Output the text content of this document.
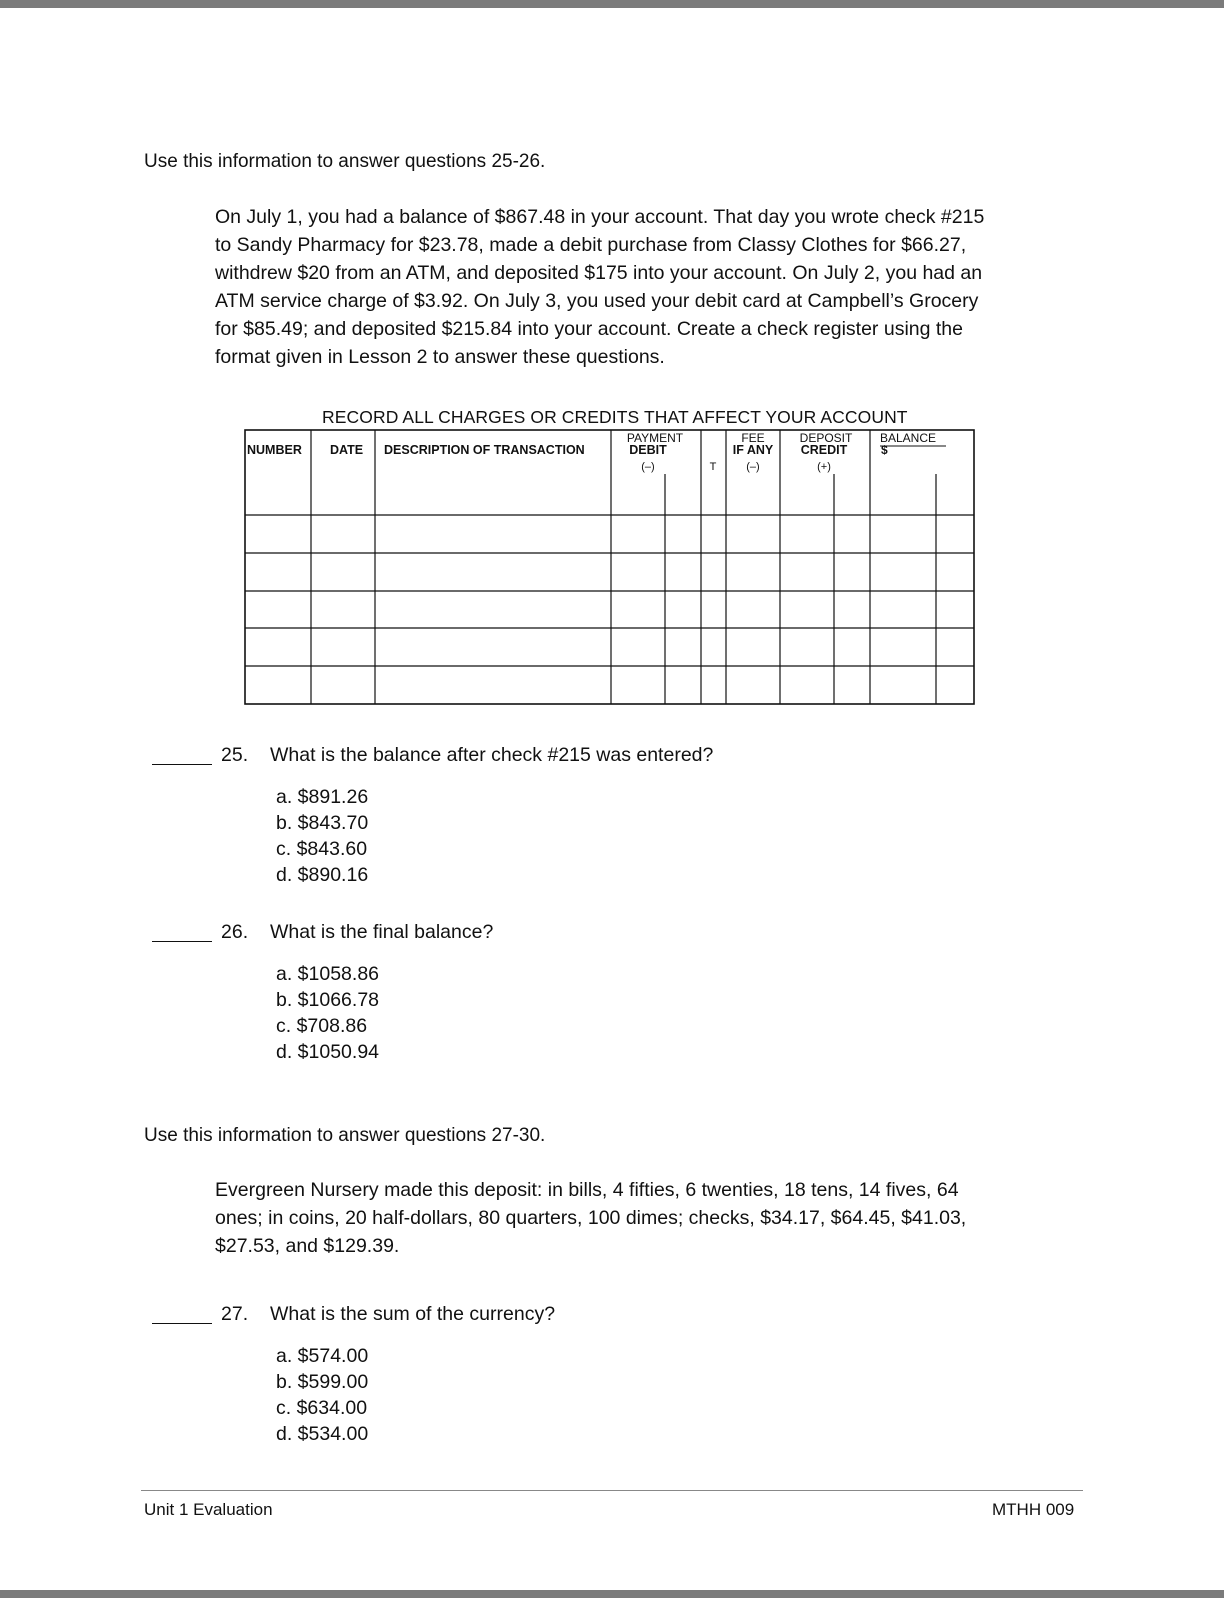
Use this information to answer questions 25-26.
On July 1, you had a balance of $867.48 in your account. That day you wrote check #215
to Sandy Pharmacy for $23.78, made a debit purchase from Classy Clothes for $66.27,
withdrew $20 from an ATM, and deposited $175 into your account. On July 2, you had an
ATM service charge of $3.92. On July 3, you used your debit card at Campbell’s Grocery
for $85.49; and deposited $215.84 into your account. Create a check register using the
format given in Lesson 2 to answer these questions.
RECORD ALL CHARGES OR CREDITS THAT AFFECT YOUR ACCOUNT
NUMBER DATE DESCRIPTION OF TRANSACTION
PAYMENT
DEBIT
(–)	T
FEE
IF ANY
(–)
DEPOSIT
CREDIT
(+)
BALANCE
$
25. What is the balance after check #215 was entered?
a. $891.26
b. $843.70
c. $843.60
d. $890.16
26. What is the final balance?
a. $1058.86
b. $1066.78
c. $708.86
d. $1050.94
Use this information to answer questions 27-30.
Evergreen Nursery made this deposit: in bills, 4 fifties, 6 twenties, 18 tens, 14 fives, 64
ones; in coins, 20 half-dollars, 80 quarters, 100 dimes; checks, $34.17, $64.45, $41.03,
$27.53, and $129.39.
27. What is the sum of the currency?
a. $574.00
b. $599.00
c. $634.00
d. $534.00
Unit 1 Evaluation	MTHH 009
